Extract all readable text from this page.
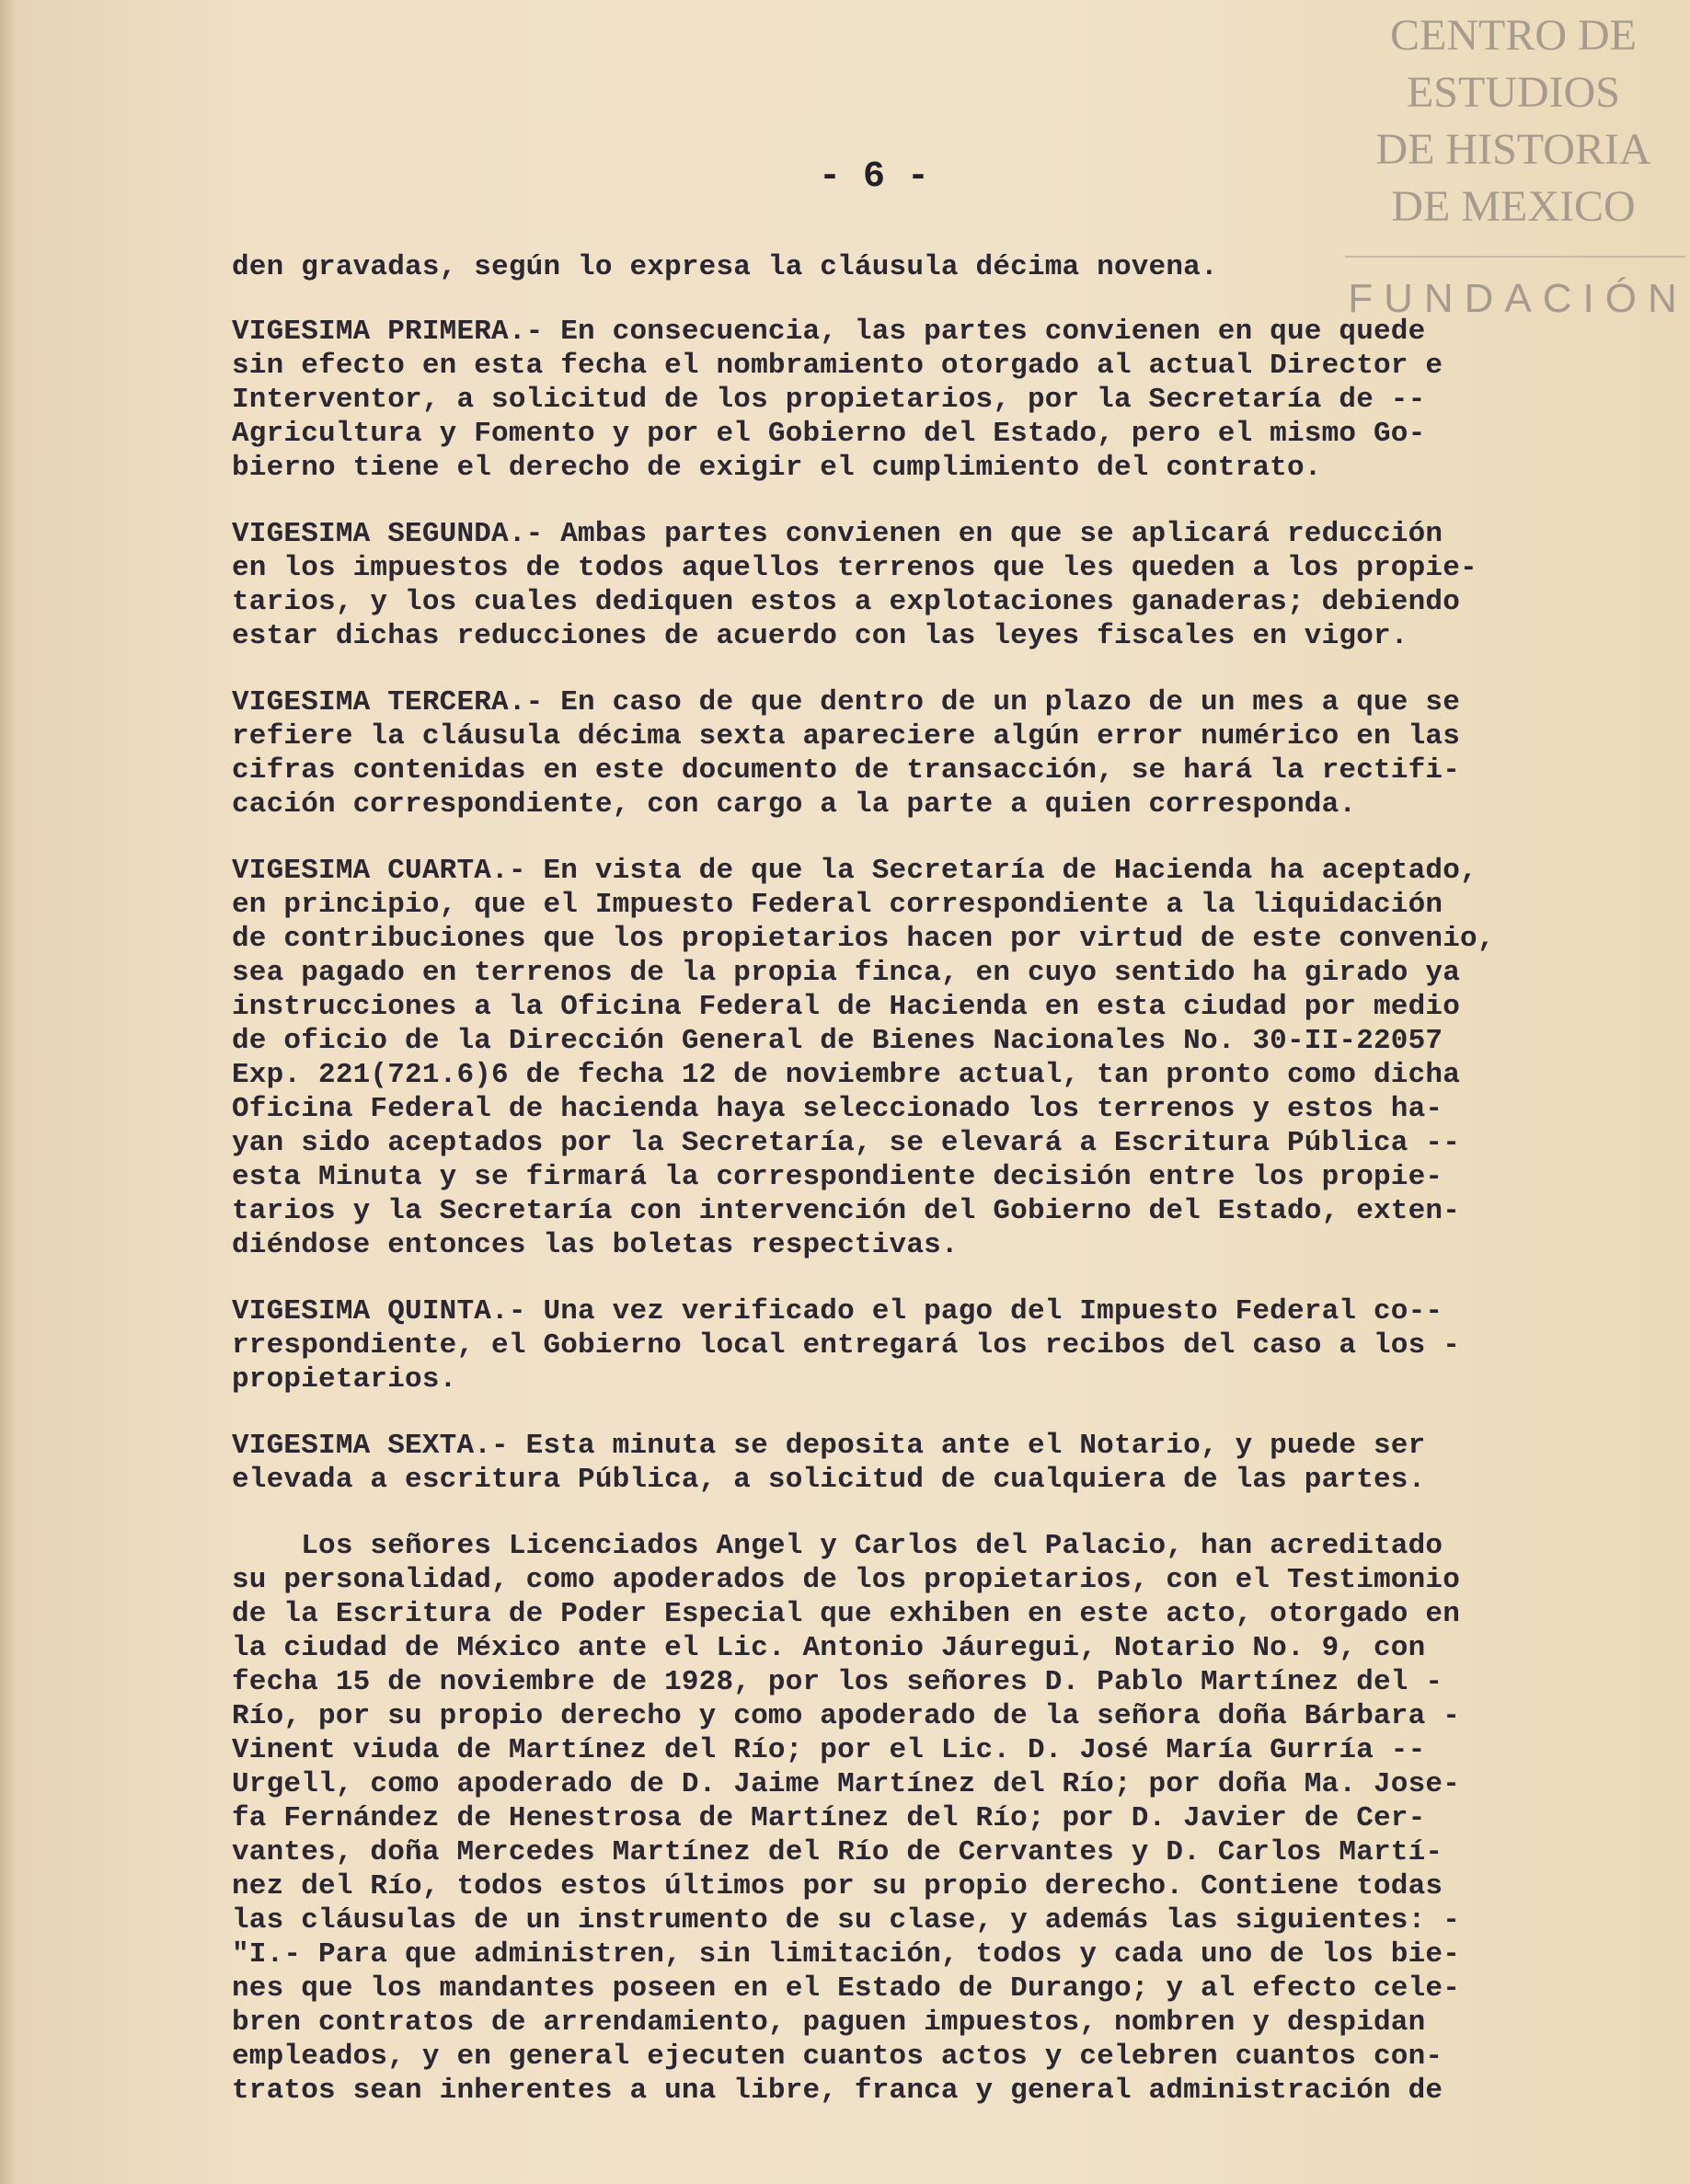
CENTRO DE
ESTUDIOS
DE HISTORIA
DE MEXICO
FUNDACIÓN
- 6 -
den gravadas, según lo expresa la cláusula décima novena.
VIGESIMA PRIMERA.- En consecuencia, las partes convienen en que quede
sin efecto en esta fecha el nombramiento otorgado al actual Director e
Interventor, a solicitud de los propietarios, por la Secretaría de --
Agricultura y Fomento y por el Gobierno del Estado, pero el mismo Go-
bierno tiene el derecho de exigir el cumplimiento del contrato.
VIGESIMA SEGUNDA.- Ambas partes convienen en que se aplicará reducción
en los impuestos de todos aquellos terrenos que les queden a los propie-
tarios, y los cuales dediquen estos a explotaciones ganaderas; debiendo
estar dichas reducciones de acuerdo con las leyes fiscales en vigor.
VIGESIMA TERCERA.- En caso de que dentro de un plazo de un mes a que se
refiere la cláusula décima sexta apareciere algún error numérico en las
cifras contenidas en este documento de transacción, se hará la rectifi-
cación correspondiente, con cargo a la parte a quien corresponda.
VIGESIMA CUARTA.- En vista de que la Secretaría de Hacienda ha aceptado,
en principio, que el Impuesto Federal correspondiente a la liquidación
de contribuciones que los propietarios hacen por virtud de este convenio,
sea pagado en terrenos de la propia finca, en cuyo sentido ha girado ya
instrucciones a la Oficina Federal de Hacienda en esta ciudad por medio
de oficio de la Dirección General de Bienes Nacionales No. 30-II-22057
Exp. 221(721.6)6 de fecha 12 de noviembre actual, tan pronto como dicha
Oficina Federal de hacienda haya seleccionado los terrenos y estos ha-
yan sido aceptados por la Secretaría, se elevará a Escritura Pública --
esta Minuta y se firmará la correspondiente decisión entre los propie-
tarios y la Secretaría con intervención del Gobierno del Estado, exten-
diéndose entonces las boletas respectivas.
VIGESIMA QUINTA.- Una vez verificado el pago del Impuesto Federal co--
rrespondiente, el Gobierno local entregará los recibos del caso a los -
propietarios.
VIGESIMA SEXTA.- Esta minuta se deposita ante el Notario, y puede ser
elevada a escritura Pública, a solicitud de cualquiera de las partes.
Los señores Licenciados Angel y Carlos del Palacio, han acreditado
su personalidad, como apoderados de los propietarios, con el Testimonio
de la Escritura de Poder Especial que exhiben en este acto, otorgado en
la ciudad de México ante el Lic. Antonio Jáuregui, Notario No. 9, con
fecha 15 de noviembre de 1928, por los señores D. Pablo Martínez del -
Río, por su propio derecho y como apoderado de la señora doña Bárbara -
Vinent viuda de Martínez del Río; por el Lic. D. José María Gurría --
Urgell, como apoderado de D. Jaime Martínez del Río; por doña Ma. Jose-
fa Fernández de Henestrosa de Martínez del Río; por D. Javier de Cer-
vantes, doña Mercedes Martínez del Río de Cervantes y D. Carlos Martí-
nez del Río, todos estos últimos por su propio derecho. Contiene todas
las cláusulas de un instrumento de su clase, y además las siguientes: -
"I.- Para que administren, sin limitación, todos y cada uno de los bie-
nes que los mandantes poseen en el Estado de Durango; y al efecto cele-
bren contratos de arrendamiento, paguen impuestos, nombren y despidan
empleados, y en general ejecuten cuantos actos y celebren cuantos con-
tratos sean inherentes a una libre, franca y general administración de
